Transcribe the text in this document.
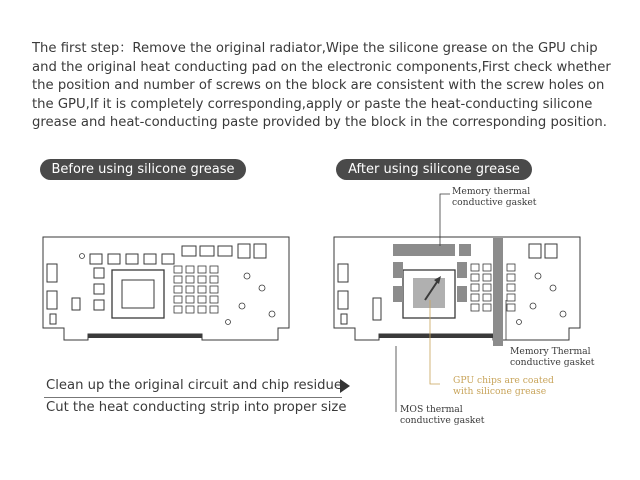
The first step：Remove the original radiator,Wipe the silicone grease on the GPU chip
and the original heat conducting pad on the electronic components,First check whether
the position and number of screws on the block are consistent with the screw holes on
the GPU,If it is completely corresponding,apply or paste the heat-conducting silicone
grease and heat-conducting paste provided by the block in the corresponding position.

Before using silicone grease	After using silicone grease
Memory thermal
conductive gasket
Memory Thermal
conductive gasket
GPU chips are coated
with silicone grease
MOS thermal
conductive gasket
Clean up the original circuit and chip residue
Cut the heat conducting strip into proper size
